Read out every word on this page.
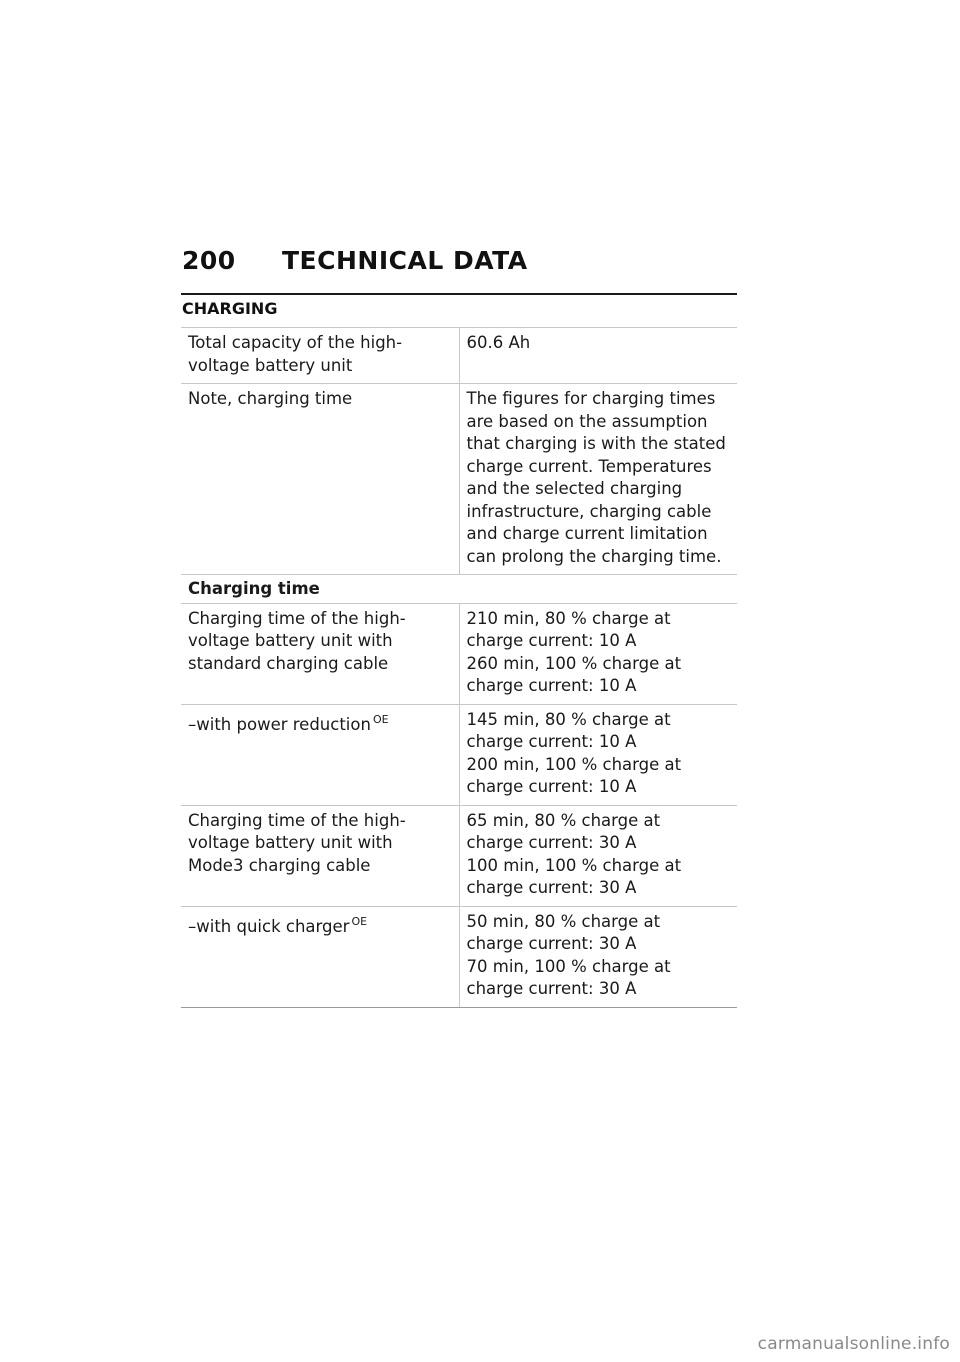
200 TECHNICAL DATA
CHARGING
Total capacity of the high-voltage battery unit	60.6 Ah
Note, charging time	The figures for charging times are based on the assumption that charging is with the stated charge current. Temperatures and the selected charging infrastructure, charging cable and charge current limitation can prolong the charging time.
Charging time	
Charging time of the high-voltage battery unit with standard charging cable	210 min, 80 % charge at
charge current: 10 A
260 min, 100 % charge at
charge current: 10 A

–with power reduction $^{OE}$	145 min, 80 % charge at
charge current: 10 A
200 min, 100 % charge at
charge current: 10 A

Charging time of the high-voltage battery unit with Mode3 charging cable	65 min, 80 % charge at
charge current: 30 A
100 min, 100 % charge at
charge current: 30 A

–with quick charger $^{OE}$	50 min, 80 % charge at
charge current: 30 A
70 min, 100 % charge at
charge current: 30 A
carmanualsonline.info
